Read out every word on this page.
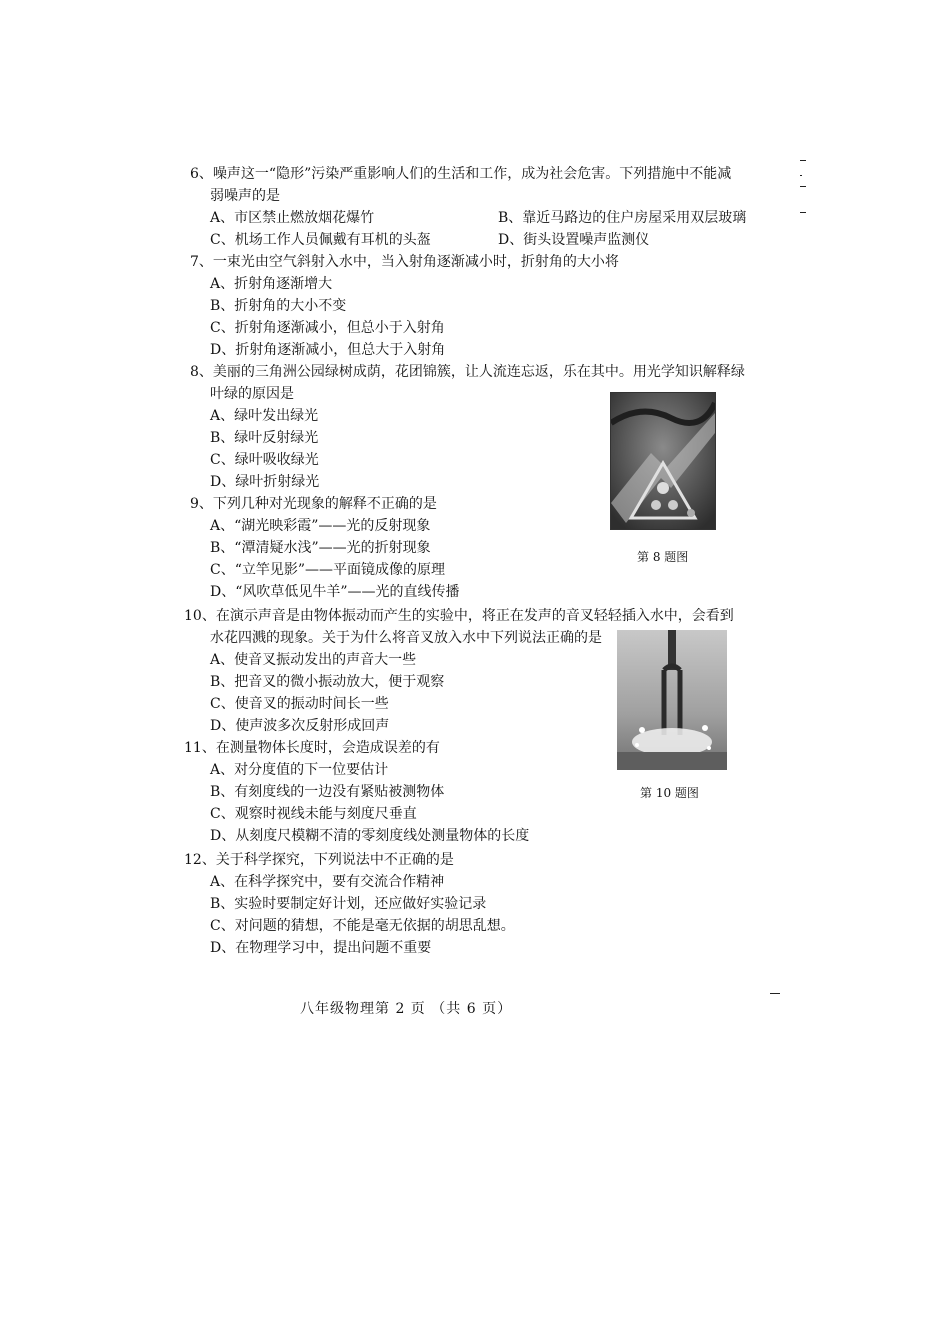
6、噪声这一“隐形”污染严重影响人们的生活和工作，成为社会危害。下列措施中不能减
弱噪声的是
A、市区禁止燃放烟花爆竹	B、靠近马路边的住户房屋采用双层玻璃
C、机场工作人员佩戴有耳机的头盔	D、街头设置噪声监测仪
7、一束光由空气斜射入水中，当入射角逐渐减小时，折射角的大小将
A、折射角逐渐增大
B、折射角的大小不变
C、折射角逐渐减小，但总小于入射角
D、折射角逐渐减小，但总大于入射角
8、美丽的三角洲公园绿树成荫，花团锦簇，让人流连忘返，乐在其中。用光学知识解释绿
叶绿的原因是
A、绿叶发出绿光
B、绿叶反射绿光
C、绿叶吸收绿光
D、绿叶折射绿光
第 8 题图
9、下列几种对光现象的解释不正确的是
A、“湖光映彩霞”——光的反射现象
B、“潭清疑水浅”——光的折射现象
C、“立竿见影”——平面镜成像的原理
D、“风吹草低见牛羊”——光的直线传播
10、在演示声音是由物体振动而产生的实验中，将正在发声的音叉轻轻插入水中，会看到
水花四溅的现象。关于为什么将音叉放入水中下列说法正确的是
A、使音叉振动发出的声音大一些
B、把音叉的微小振动放大，便于观察
C、使音叉的振动时间长一些
D、使声波多次反射形成回声
第 10 题图
11、在测量物体长度时，会造成误差的有
A、对分度值的下一位要估计
B、有刻度线的一边没有紧贴被测物体
C、观察时视线未能与刻度尺垂直
D、从刻度尺模糊不清的零刻度线处测量物体的长度
12、关于科学探究，下列说法中不正确的是
A、在科学探究中，要有交流合作精神
B、实验时要制定好计划，还应做好实验记录
C、对问题的猜想，不能是毫无依据的胡思乱想。
D、在物理学习中，提出问题不重要
八年级物理第 2 页 （共 6 页）
